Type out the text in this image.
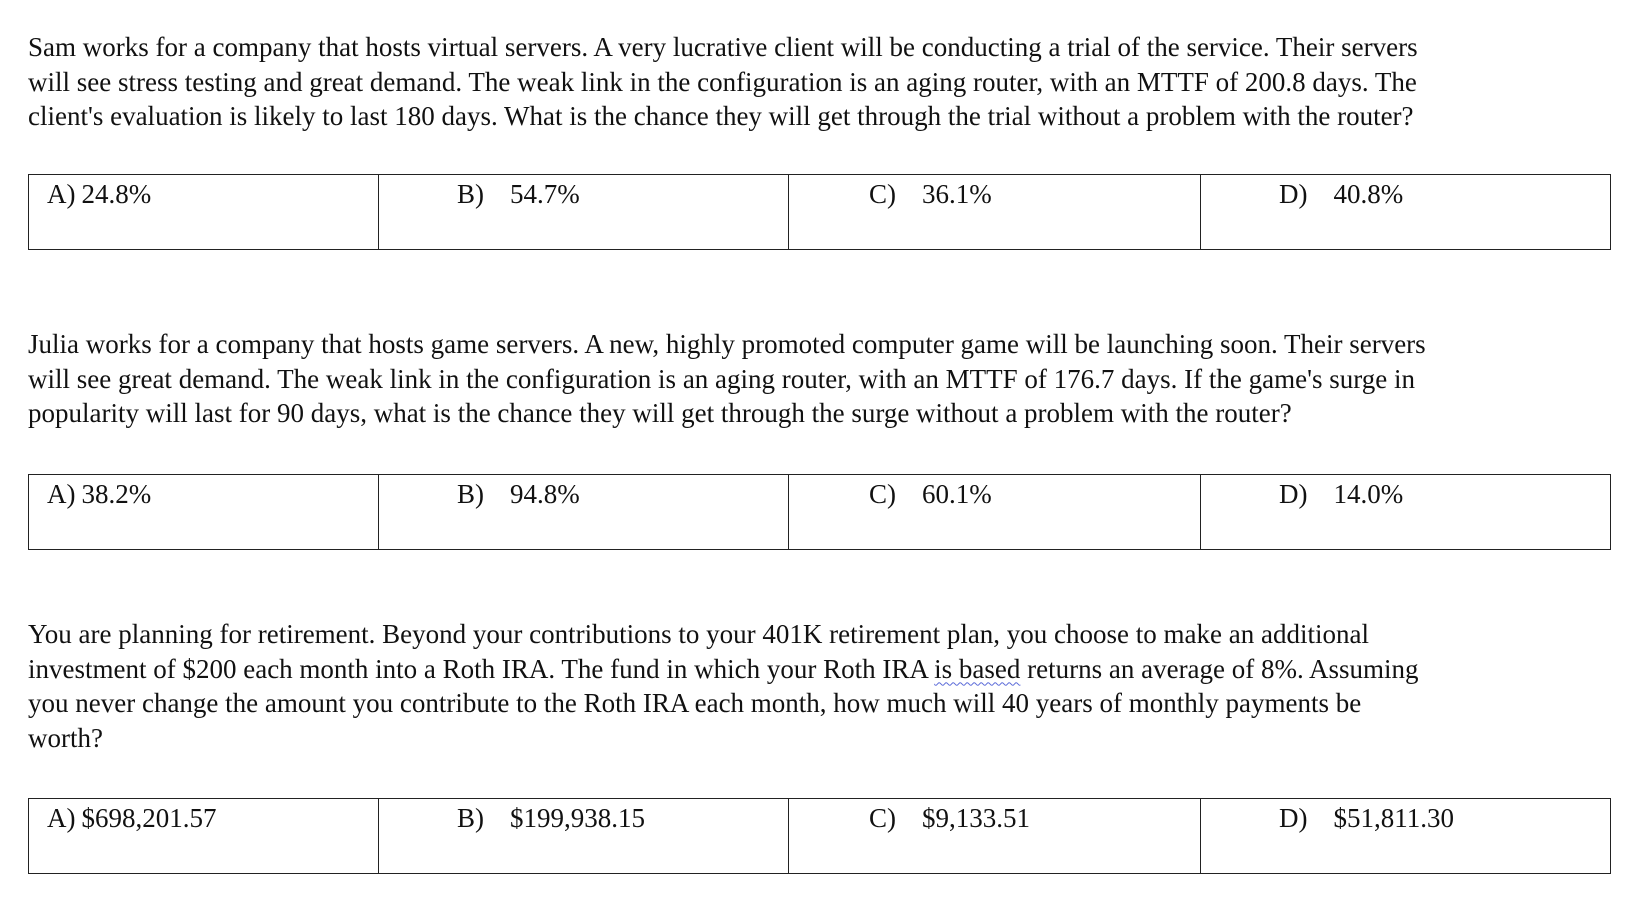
Sam works for a company that hosts virtual servers. A very lucrative client will be conducting a trial of the service. Their servers
will see stress testing and great demand. The weak link in the configuration is an aging router, with an MTTF of 200.8 days. The
client's evaluation is likely to last 180 days. What is the chance they will get through the trial without a problem with the router?

A) 24.8%	B) 54.7%	C) 36.1%	D) 40.8%

Julia works for a company that hosts game servers. A new, highly promoted computer game will be launching soon. Their servers
will see great demand. The weak link in the configuration is an aging router, with an MTTF of 176.7 days. If the game's surge in
popularity will last for 90 days, what is the chance they will get through the surge without a problem with the router?

A) 38.2%	B) 94.8%	C) 60.1%	D) 14.0%

You are planning for retirement. Beyond your contributions to your 401K retirement plan, you choose to make an additional
investment of $200 each month into a Roth IRA. The fund in which your Roth IRA is based returns an average of 8%. Assuming
you never change the amount you contribute to the Roth IRA each month, how much will 40 years of monthly payments be
worth?

A) $698,201.57	B) $199,938.15	C) $9,133.51	D) $51,811.30
